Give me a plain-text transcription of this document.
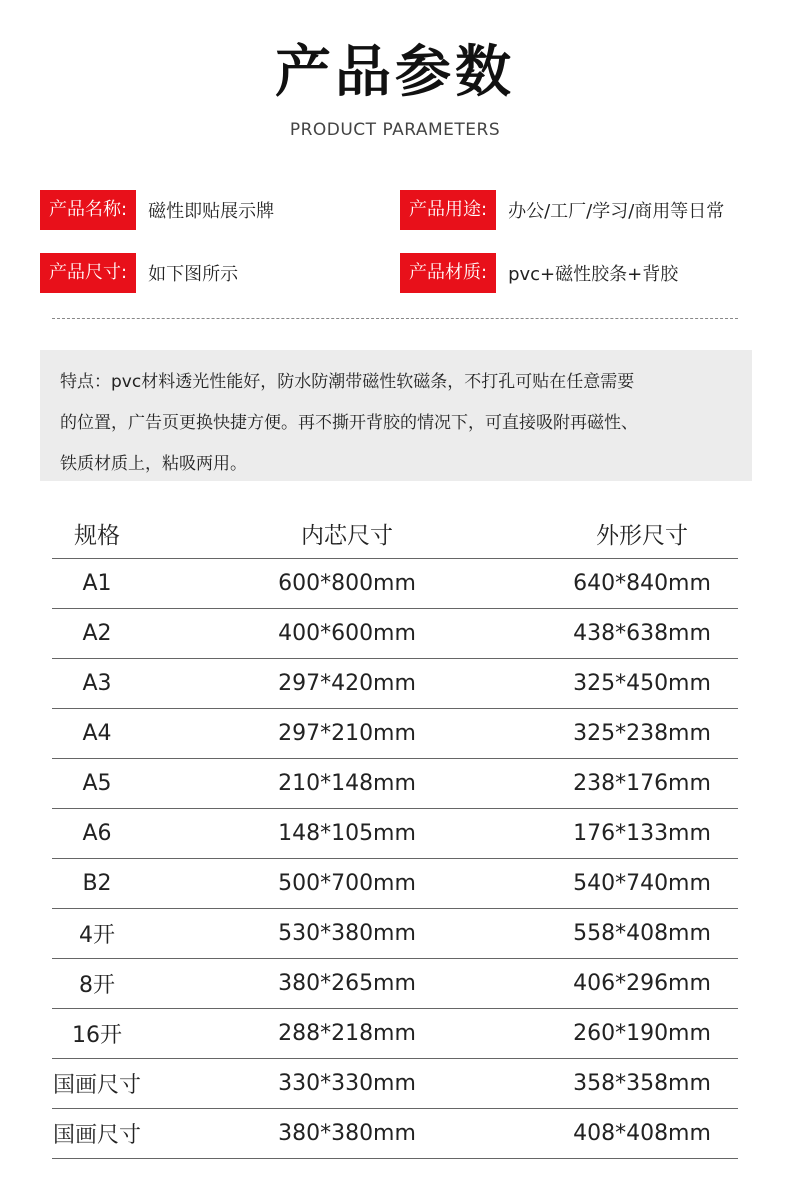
产品参数
PRODUCT PARAMETERS
产品名称:	磁性即贴展示牌	产品用途:	办公/工厂/学习/商用等日常
产品尺寸:	如下图所示	产品材质:	pvc+磁性胶条+背胶
特点：pvc材料透光性能好，防水防潮带磁性软磁条，不打孔可贴在任意需要
的位置，广告页更换快捷方便。再不撕开背胶的情况下，可直接吸附再磁性、
铁质材质上，粘吸两用。
规格	内芯尺寸	外形尺寸
A1	600*800mm	640*840mm
A2	400*600mm	438*638mm
A3	297*420mm	325*450mm
A4	297*210mm	325*238mm
A5	210*148mm	238*176mm
A6	148*105mm	176*133mm
B2	500*700mm	540*740mm
4开	530*380mm	558*408mm
8开	380*265mm	406*296mm
16开	288*218mm	260*190mm
国画尺寸	330*330mm	358*358mm
国画尺寸	380*380mm	408*408mm
